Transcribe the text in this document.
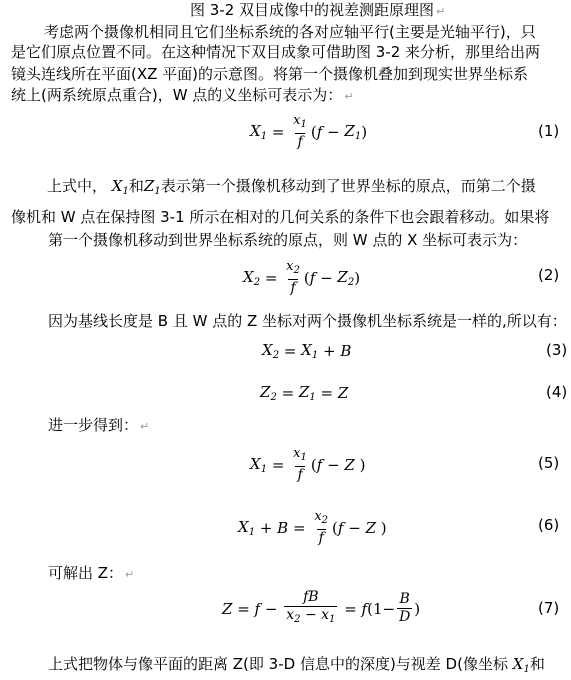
图 3-2 双目成像中的视差测距原理图 ↵
考虑两个摄像机相同且它们坐标系统的各对应轴平行(主要是光轴平行)，只
是它们原点位置不同。在这种情况下双目成象可借助图 3-2 来分析，那里给出两
镜头连线所在平面(XZ 平面)的示意图。将第一个摄像机叠加到现实世界坐标系
统上(两系统原点重合)，W 点的义坐标可表示为： ↵
$X_1 = \frac{x_1}{f}$ ( $f - Z_1$ )	(1)
上式中， $X_1$和$Z_1$表示第一个摄像机移动到了世界坐标的原点，而第二个摄
像机和 W 点在保持图 3-1 所示在相对的几何关系的条件下也会跟着移动。如果将
第一个摄像机移动到世界坐标系统的原点，则 W 点的 X 坐标可表示为：
$X_2 = \frac{x_2}{f}$ ( $f - Z_2$ )	(2)
因为基线长度是 B 且 W 点的 Z 坐标对两个摄像机坐标系统是一样的,所以有：
$X_2 = X_1 + B$	(3)
$Z_2 = Z_1 = Z$	(4)
进一步得到： ↵
$X_1 = \frac{x_1}{f}$ ( f − Z )	(5)
$X_1 + B = \frac{x_2}{f}$ ( f − Z )	(6)
可解出 Z： ↵
$Z = f - \frac{fB}{x_2 - x_1} = f$ ($1- \frac{B}{D}$ )	(7)
上式把物体与像平面的距离 Z(即 3-D 信息中的深度)与视差 D(像坐标 $X_1$和
